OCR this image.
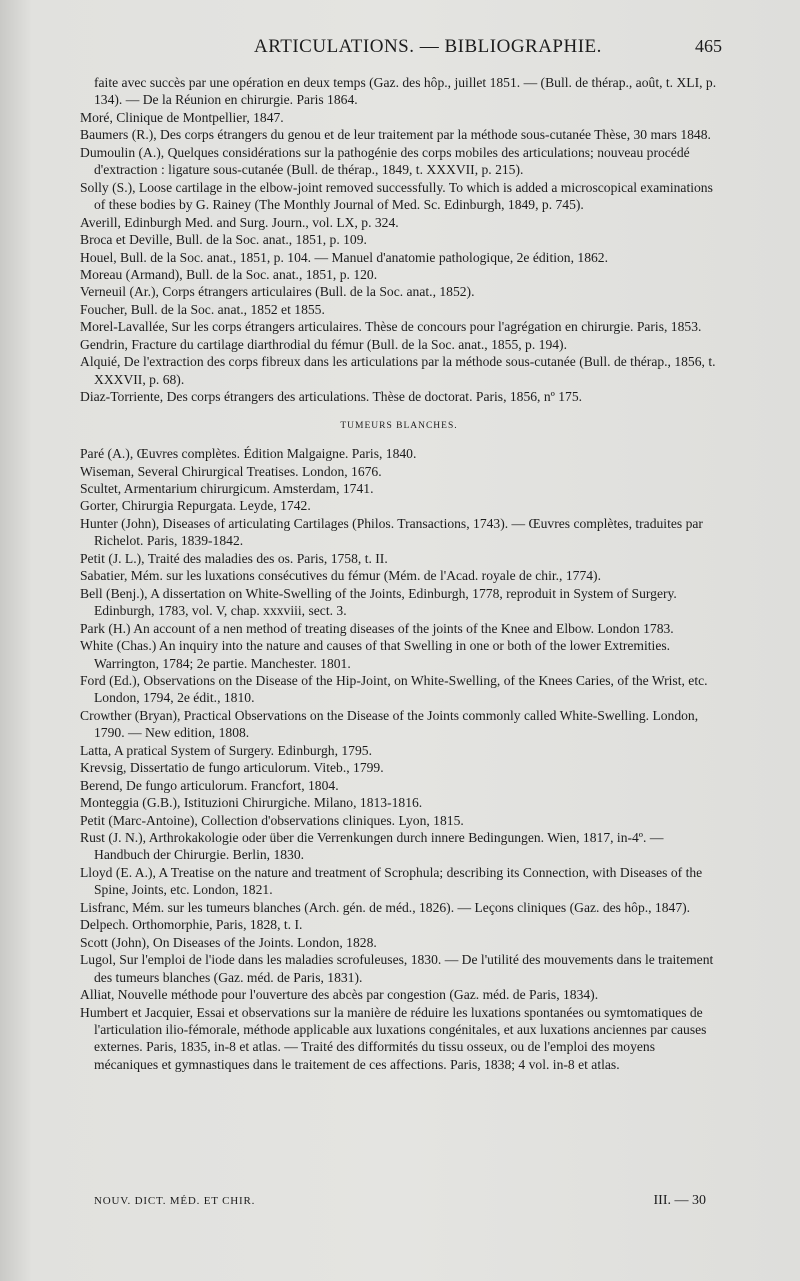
ARTICULATIONS. — BIBLIOGRAPHIE.	465
faite avec succès par une opération en deux temps (Gaz. des hôp., juillet 1851. — (Bull. de thérap., août, t. XLI, p. 134). — De la Réunion en chirurgie. Paris 1864.
Moré, Clinique de Montpellier, 1847.
Baumers (R.), Des corps étrangers du genou et de leur traitement par la méthode sous-cutanée Thèse, 30 mars 1848.
Dumoulin (A.), Quelques considérations sur la pathogénie des corps mobiles des articulations; nouveau procédé d'extraction : ligature sous-cutanée (Bull. de thérap., 1849, t. XXXVII, p. 215).
Solly (S.), Loose cartilage in the elbow-joint removed successfully. To which is added a microscopical examinations of these bodies by G. Rainey (The Monthly Journal of Med. Sc. Edinburgh, 1849, p. 745).
Averill, Edinburgh Med. and Surg. Journ., vol. LX, p. 324.
Broca et Deville, Bull. de la Soc. anat., 1851, p. 109.
Houel, Bull. de la Soc. anat., 1851, p. 104. — Manuel d'anatomie pathologique, 2e édition, 1862.
Moreau (Armand), Bull. de la Soc. anat., 1851, p. 120.
Verneuil (Ar.), Corps étrangers articulaires (Bull. de la Soc. anat., 1852).
Foucher, Bull. de la Soc. anat., 1852 et 1855.
Morel-Lavallée, Sur les corps étrangers articulaires. Thèse de concours pour l'agrégation en chirurgie. Paris, 1853.
Gendrin, Fracture du cartilage diarthrodial du fémur (Bull. de la Soc. anat., 1855, p. 194).
Alquié, De l'extraction des corps fibreux dans les articulations par la méthode sous-cutanée (Bull. de thérap., 1856, t. XXXVII, p. 68).
Diaz-Torriente, Des corps étrangers des articulations. Thèse de doctorat. Paris, 1856, nº 175.
TUMEURS BLANCHES.
Paré (A.), Œuvres complètes. Édition Malgaigne. Paris, 1840.
Wiseman, Several Chirurgical Treatises. London, 1676.
Scultet, Armentarium chirurgicum. Amsterdam, 1741.
Gorter, Chirurgia Repurgata. Leyde, 1742.
Hunter (John), Diseases of articulating Cartilages (Philos. Transactions, 1743). — Œuvres complètes, traduites par Richelot. Paris, 1839-1842.
Petit (J. L.), Traité des maladies des os. Paris, 1758, t. II.
Sabatier, Mém. sur les luxations consécutives du fémur (Mém. de l'Acad. royale de chir., 1774).
Bell (Benj.), A dissertation on White-Swelling of the Joints, Edinburgh, 1778, reproduit in System of Surgery. Edinburgh, 1783, vol. V, chap. xxxviii, sect. 3.
Park (H.) An account of a nen method of treating diseases of the joints of the Knee and Elbow. London 1783.
White (Chas.) An inquiry into the nature and causes of that Swelling in one or both of the lower Extremities. Warrington, 1784; 2e partie. Manchester. 1801.
Ford (Ed.), Observations on the Disease of the Hip-Joint, on White-Swelling, of the Knees Caries, of the Wrist, etc. London, 1794, 2e édit., 1810.
Crowther (Bryan), Practical Observations on the Disease of the Joints commonly called White-Swelling. London, 1790. — New edition, 1808.
Latta, A pratical System of Surgery. Edinburgh, 1795.
Krevsig, Dissertatio de fungo articulorum. Viteb., 1799.
Berend, De fungo articulorum. Francfort, 1804.
Monteggia (G.B.), Istituzioni Chirurgiche. Milano, 1813-1816.
Petit (Marc-Antoine), Collection d'observations cliniques. Lyon, 1815.
Rust (J. N.), Arthrokakologie oder über die Verrenkungen durch innere Bedingungen. Wien, 1817, in-4º. — Handbuch der Chirurgie. Berlin, 1830.
Lloyd (E. A.), A Treatise on the nature and treatment of Scrophula; describing its Connection, with Diseases of the Spine, Joints, etc. London, 1821.
Lisfranc, Mém. sur les tumeurs blanches (Arch. gén. de méd., 1826). — Leçons cliniques (Gaz. des hôp., 1847).
Delpech. Orthomorphie, Paris, 1828, t. I.
Scott (John), On Diseases of the Joints. London, 1828.
Lugol, Sur l'emploi de l'iode dans les maladies scrofuleuses, 1830. — De l'utilité des mouvements dans le traitement des tumeurs blanches (Gaz. méd. de Paris, 1831).
Alliat, Nouvelle méthode pour l'ouverture des abcès par congestion (Gaz. méd. de Paris, 1834).
Humbert et Jacquier, Essai et observations sur la manière de réduire les luxations spontanées ou symtomatiques de l'articulation ilio-fémorale, méthode applicable aux luxations congénitales, et aux luxations anciennes par causes externes. Paris, 1835, in-8 et atlas. — Traité des difformités du tissu osseux, ou de l'emploi des moyens mécaniques et gymnastiques dans le traitement de ces affections. Paris, 1838; 4 vol. in-8 et atlas.
NOUV. DICT. MÉD. ET CHIR.	III. — 30
